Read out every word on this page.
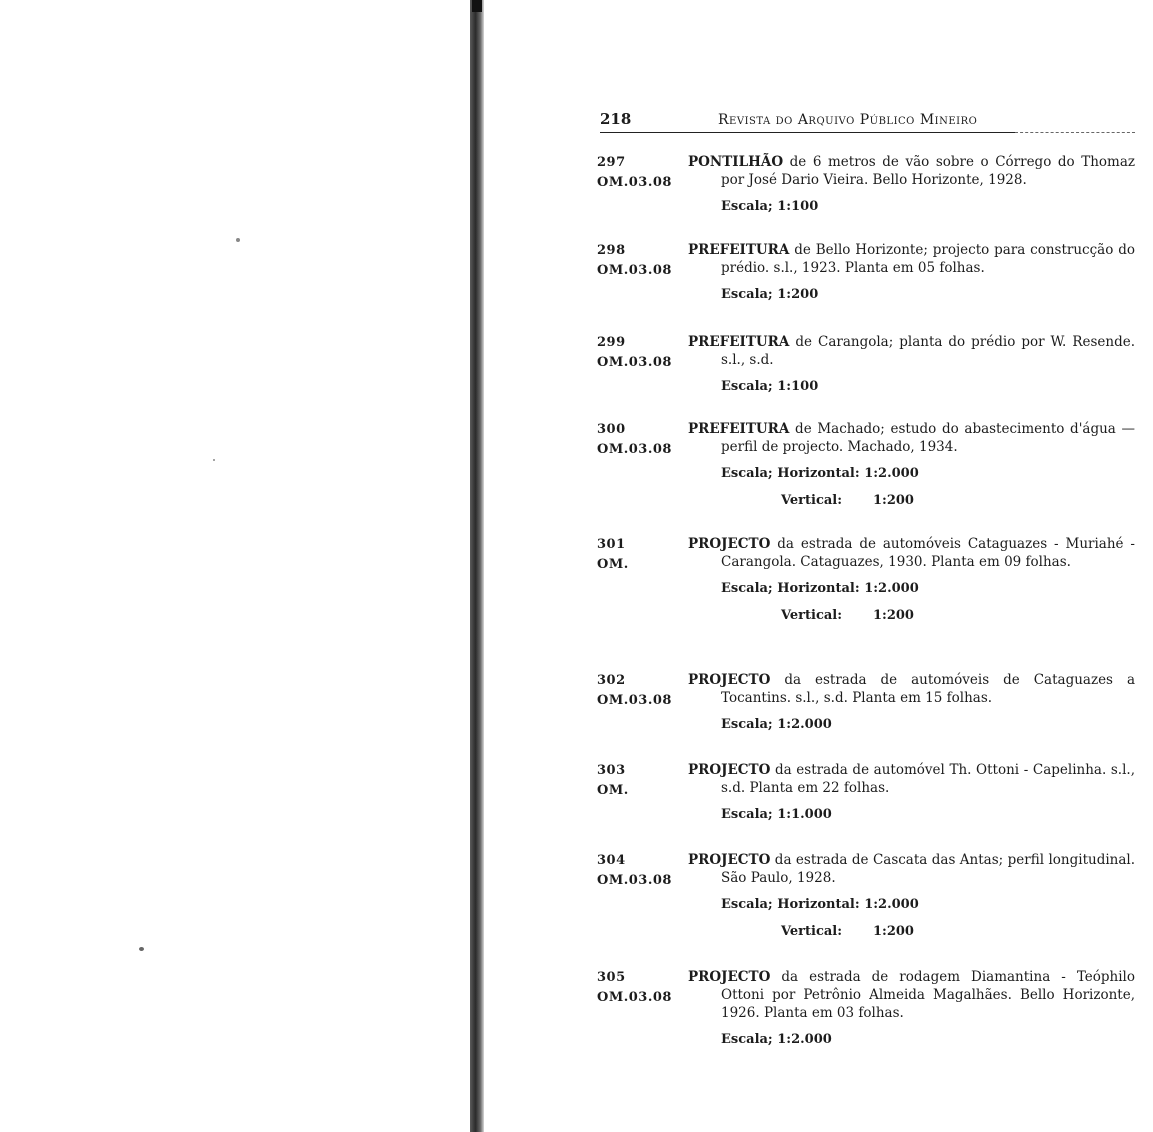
218	Revista do Arquivo Público Mineiro
297
OM.03.08
PONTILHÃO de 6 metros de vão sobre o Córrego do Thomaz por José Dario Vieira. Bello Horizonte, 1928.
Escala; 1:100
298
OM.03.08
PREFEITURA de Bello Horizonte; projecto para construcção do prédio. s.l., 1923. Planta em 05 folhas.
Escala; 1:200
299
OM.03.08
PREFEITURA de Carangola; planta do prédio por W. Resende. s.l., s.d.
Escala; 1:100
300
OM.03.08
PREFEITURA de Machado; estudo do abastecimento d'água — perfil de projecto. Machado, 1934.
Escala; Horizontal: 1:2.000
Vertical: 1:200
301
OM.
PROJECTO da estrada de automóveis Cataguazes - Muriahé - Carangola. Cataguazes, 1930. Planta em 09 folhas.
Escala; Horizontal: 1:2.000
Vertical: 1:200
302
OM.03.08
PROJECTO da estrada de automóveis de Cataguazes a Tocantins. s.l., s.d. Planta em 15 folhas.
Escala; 1:2.000
303
OM.
PROJECTO da estrada de automóvel Th. Ottoni - Capelinha. s.l., s.d. Planta em 22 folhas.
Escala; 1:1.000
304
OM.03.08
PROJECTO da estrada de Cascata das Antas; perfil longitudinal. São Paulo, 1928.
Escala; Horizontal: 1:2.000
Vertical: 1:200
305
OM.03.08
PROJECTO da estrada de rodagem Diamantina - Teóphilo Ottoni por Petrônio Almeida Magalhães. Bello Horizonte, 1926. Planta em 03 folhas.
Escala; 1:2.000
